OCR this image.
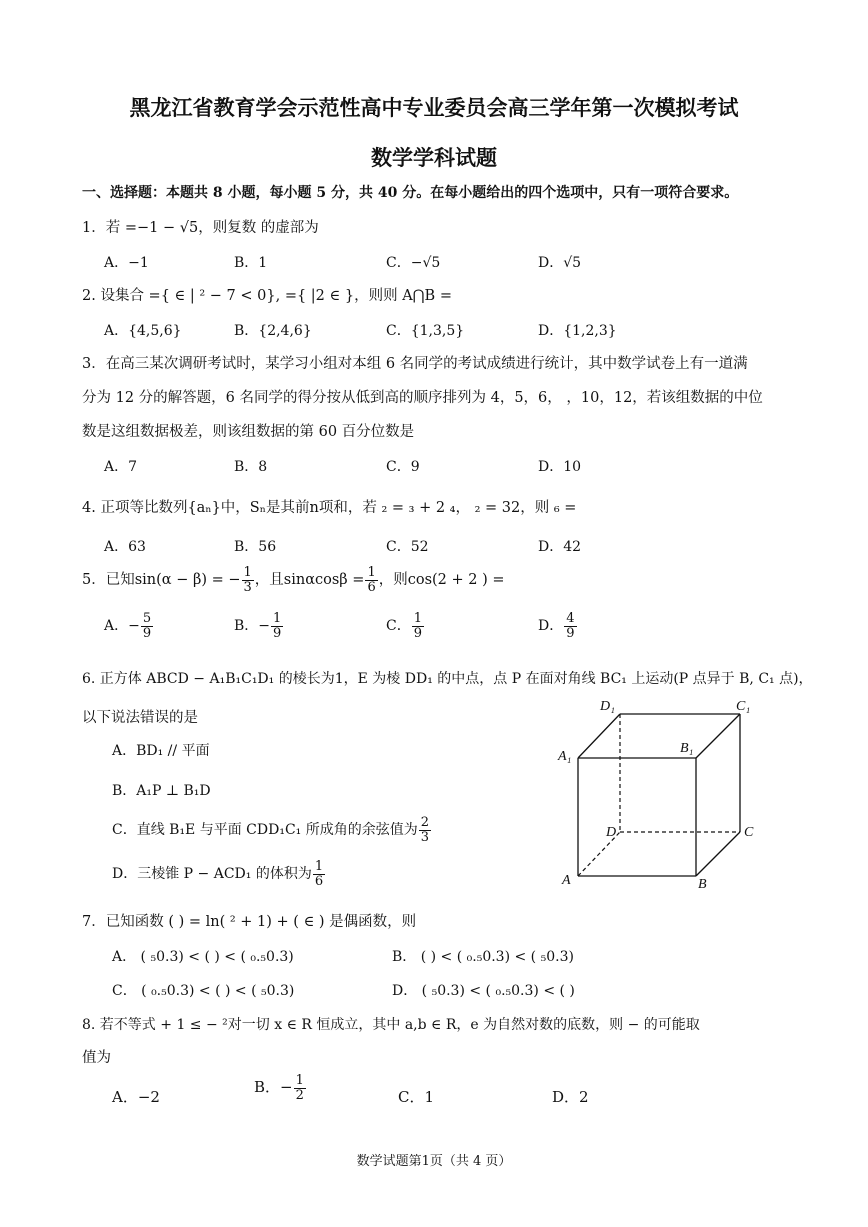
黑龙江省教育学会示范性高中专业委员会高三学年第一次模拟考试
数学学科试题
一、选择题：本题共 8 小题，每小题 5 分，共 40 分。在每小题给出的四个选项中，只有一项符合要求。
1．若 =−1 − √5，则复数 的虚部为
A．−1	B．1	C．−√5	D．√5
2. 设集合 ={ ∈ | ² − 7 < 0}, ={ |2 ∈ }，则则 A⋂B =
A．{4,5,6}	B．{2,4,6}	C．{1,3,5}	D．{1,2,3}
3．在高三某次调研考试时，某学习小组对本组 6 名同学的考试成绩进行统计，其中数学试卷上有一道满
分为 12 分的解答题，6 名同学的得分按从低到高的顺序排列为 4，5，6， ，10，12，若该组数据的中位
数是这组数据极差，则该组数据的第 60 百分位数是
A．7	B．8	C．9	D．10
4. 正项等比数列{aₙ}中，Sₙ是其前n项和，若 ₂ = ₃ + 2 ₄， ₂ = 32，则 ₆ =
A．63	B．56	C．52	D．42
5．已知sin(α − β) = − $\frac{1}{3}$ ，且$\sin\alpha\cos\beta = \frac{1}{6}$ ，则cos(2 + 2 ) =
A．− $\frac{5}{9}$	B．− $\frac{1}{9}$	C． $\frac{1}{9}$	D． $\frac{4}{9}$
6. 正方体 ABCD − A₁B₁C₁D₁ 的棱长为1，E 为棱 DD₁ 的中点，点 P 在面对角线 BC₁ 上运动(P 点异于 B, C₁ 点)，
以下说法错误的是
A．BD₁ // 平面
B．A₁P ⊥ B₁D
C．直线 B₁E 与平面 CDD₁C₁ 所成角的余弦值为 $\frac{2}{3}$
D．三棱锥 P − ACD₁ 的体积为 $\frac{1}{6}$
D₁	C₁
A₁
B₁
D	C
A	B
7．已知函数 ( ) = ln( ² + 1) + ( ∈ ) 是偶函数，则
A． ( ₅0.3) < ( ) < ( ₀.₅0.3)	B． ( ) < ( ₀.₅0.3) < ( ₅0.3)
C． ( ₀.₅0.3) < ( ) < ( ₅0.3)	D． ( ₅0.3) < ( ₀.₅0.3) < ( )
8. 若不等式 + 1 ≤ − ²对一切 x ∈ R 恒成立，其中 a,b ∈ R，e 为自然对数的底数，则 − 的可能取
值为
A．−2
B．− $\frac{1}{2}$	C．1	D．2
数学试题第1页（共 4 页）
